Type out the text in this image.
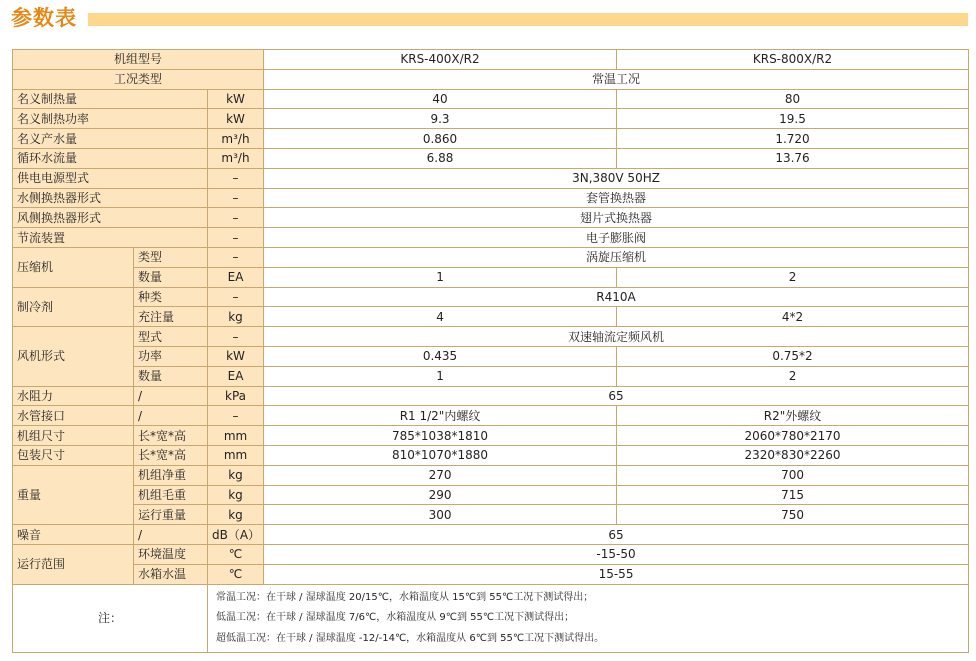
参数表
机组型号			KRS-400X/R2	KRS-800X/R2
工况类型			常温工况	
名义制热量		kW	40	80
名义制热功率		kW	9.3	19.5
名义产水量		m³/h	0.860	1.720
循环水流量		m³/h	6.88	13.76
供电电源型式		–	3N,380V 50HZ	
水侧换热器形式		–	套管换热器	
风侧换热器形式		–	翅片式换热器	
节流装置		–	电子膨胀阀	
压缩机	类型	–	涡旋压缩机	
	数量	EA	1	2
制冷剂	种类	–	R410A	
	充注量	kg	4	4*2
风机形式	型式	–	双速轴流定频风机	
	功率	kW	0.435	0.75*2
	数量	EA	1	2
水阻力	/	kPa	65	
水管接口	/	–	R1 1/2"内螺纹	R2"外螺纹
机组尺寸	长*宽*高	mm	785*1038*1810	2060*780*2170
包装尺寸	长*宽*高	mm	810*1070*1880	2320*830*2260
重量	机组净重	kg	270	700
	机组毛重	kg	290	715
	运行重量	kg	300	750
噪音	/	dB（A）	65	
运行范围	环境温度	℃	-15-50	
	水箱水温	℃	15-55	
注：		常温工况：在干球 / 湿球温度 20/15℃，水箱温度从 15℃到 55℃工况下测试得出；
低温工况：在干球 / 湿球温度 7/6℃，水箱温度从 9℃到 55℃工况下测试得出；
超低温工况：在干球 / 湿球温度 -12/-14℃，水箱温度从 6℃到 55℃工况下测试得出。		
